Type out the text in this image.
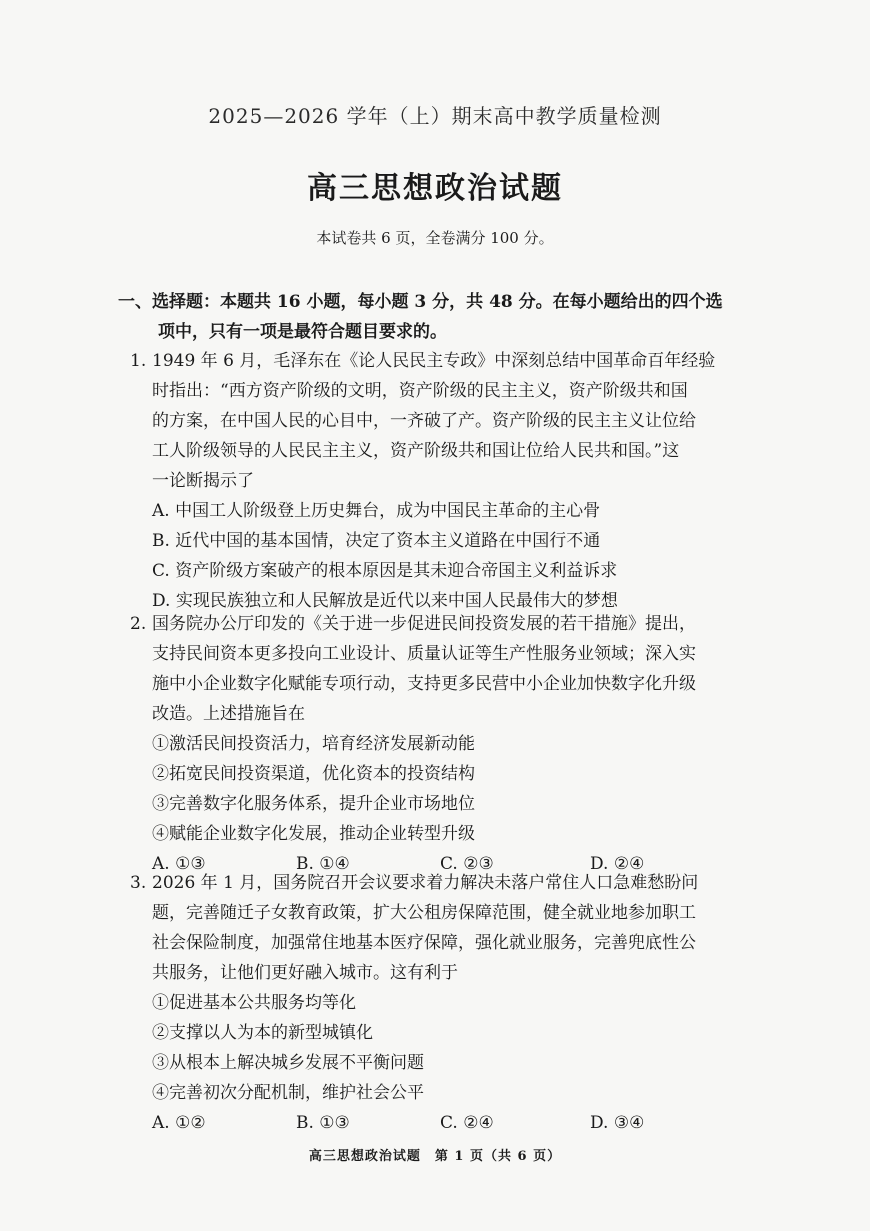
2025—2026 学年（上）期末高中教学质量检测
高三思想政治试题
本试卷共 6 页，全卷满分 100 分。
一、选择题：本题共 16 小题，每小题 3 分，共 48 分。在每小题给出的四个选
项中，只有一项是最符合题目要求的。
1. 1949 年 6 月，毛泽东在《论人民民主专政》中深刻总结中国革命百年经验
时指出：“西方资产阶级的文明，资产阶级的民主主义，资产阶级共和国
的方案，在中国人民的心目中，一齐破了产。资产阶级的民主主义让位给
工人阶级领导的人民民主主义，资产阶级共和国让位给人民共和国。”这
一论断揭示了
A. 中国工人阶级登上历史舞台，成为中国民主革命的主心骨
B. 近代中国的基本国情，决定了资本主义道路在中国行不通
C. 资产阶级方案破产的根本原因是其未迎合帝国主义利益诉求
D. 实现民族独立和人民解放是近代以来中国人民最伟大的梦想
2. 国务院办公厅印发的《关于进一步促进民间投资发展的若干措施》提出，
支持民间资本更多投向工业设计、质量认证等生产性服务业领域；深入实
施中小企业数字化赋能专项行动，支持更多民营中小企业加快数字化升级
改造。上述措施旨在
①激活民间投资活力，培育经济发展新动能
②拓宽民间投资渠道，优化资本的投资结构
③完善数字化服务体系，提升企业市场地位
④赋能企业数字化发展，推动企业转型升级
A. ①③	B. ①④	C. ②③	D. ②④
3. 2026 年 1 月，国务院召开会议要求着力解决未落户常住人口急难愁盼问
题，完善随迁子女教育政策，扩大公租房保障范围，健全就业地参加职工
社会保险制度，加强常住地基本医疗保障，强化就业服务，完善兜底性公
共服务，让他们更好融入城市。这有利于
①促进基本公共服务均等化
②支撑以人为本的新型城镇化
③从根本上解决城乡发展不平衡问题
④完善初次分配机制，维护社会公平
A. ①②	B. ①③	C. ②④	D. ③④
高三思想政治试题　第 1 页（共 6 页）
